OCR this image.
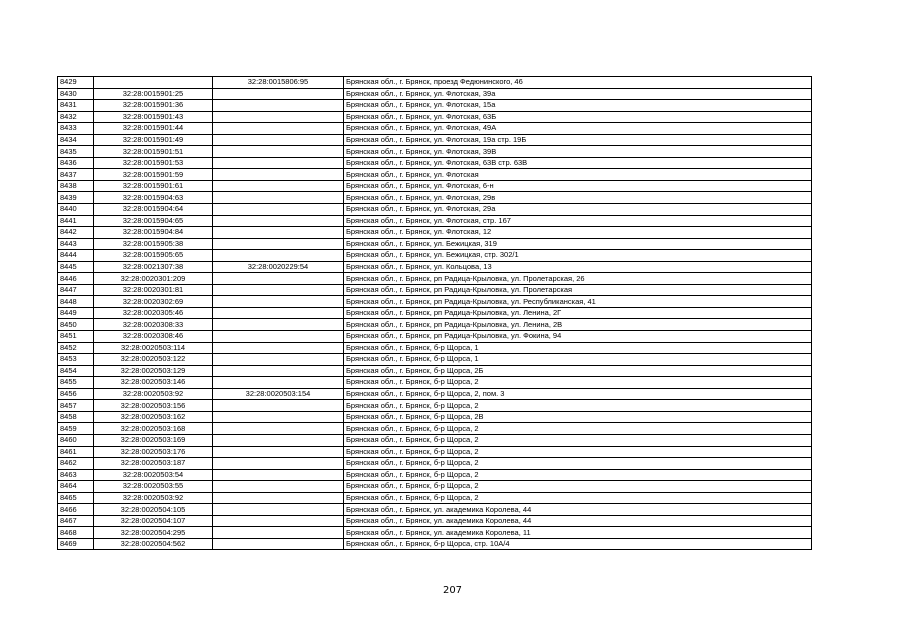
8429		32:28:0015806:95	Брянская обл., г. Брянск, проезд Федюнинского, 46
8430	32:28:0015901:25		Брянская обл., г. Брянск, ул. Флотская, 39а
8431	32:28:0015901:36		Брянская обл., г. Брянск, ул. Флотская, 15а
8432	32:28:0015901:43		Брянская обл., г. Брянск, ул. Флотская, 63Б
8433	32:28:0015901:44		Брянская обл., г. Брянск, ул. Флотская, 49А
8434	32:28:0015901:49		Брянская обл., г. Брянск, ул. Флотская, 19а стр. 19Б
8435	32:28:0015901:51		Брянская обл., г. Брянск, ул. Флотская, 39В
8436	32:28:0015901:53		Брянская обл., г. Брянск, ул. Флотская, 63В стр. 63В
8437	32:28:0015901:59		Брянская обл., г. Брянск, ул. Флотская
8438	32:28:0015901:61		Брянская обл., г. Брянск, ул. Флотская, 6-н
8439	32:28:0015904:63		Брянская обл., г. Брянск, ул. Флотская, 29в
8440	32:28:0015904:64		Брянская обл., г. Брянск, ул. Флотская, 29а
8441	32:28:0015904:65		Брянская обл., г. Брянск, ул. Флотская, стр. 167
8442	32:28:0015904:84		Брянская обл., г. Брянск, ул. Флотская, 12
8443	32:28:0015905:38		Брянская обл., г. Брянск, ул. Бежицкая, 319
8444	32:28:0015905:65		Брянская обл., г. Брянск, ул. Бежицкая, стр. 302/1
8445	32:28:0021307:38	32:28:0020229:54	Брянская обл., г. Брянск, ул. Кольцова, 13
8446	32:28:0020301:209		Брянская обл., г. Брянск, рп Радица-Крыловка, ул. Пролетарская, 26
8447	32:28:0020301:81		Брянская обл., г. Брянск, рп Радица-Крыловка, ул. Пролетарская
8448	32:28:0020302:69		Брянская обл., г. Брянск, рп Радица-Крыловка, ул. Республиканская, 41
8449	32:28:0020305:46		Брянская обл., г. Брянск, рп Радица-Крыловка, ул. Ленина, 2Г
8450	32:28:0020308:33		Брянская обл., г. Брянск, рп Радица-Крыловка, ул. Ленина, 2В
8451	32:28:0020308:46		Брянская обл., г. Брянск, рп Радица-Крыловка, ул. Фокина, 94
8452	32:28:0020503:114		Брянская обл., г. Брянск, б-р Щорса, 1
8453	32:28:0020503:122		Брянская обл., г. Брянск, б-р Щорса, 1
8454	32:28:0020503:129		Брянская обл., г. Брянск, б-р Щорса, 2Б
8455	32:28:0020503:146		Брянская обл., г. Брянск, б-р Щорса, 2
8456	32:28:0020503:92	32:28:0020503:154	Брянская обл., г. Брянск, б-р Щорса, 2, пом. 3
8457	32:28:0020503:156		Брянская обл., г. Брянск, б-р Щорса, 2
8458	32:28:0020503:162		Брянская обл., г. Брянск, б-р Щорса, 2В
8459	32:28:0020503:168		Брянская обл., г. Брянск, б-р Щорса, 2
8460	32:28:0020503:169		Брянская обл., г. Брянск, б-р Щорса, 2
8461	32:28:0020503:176		Брянская обл., г. Брянск, б-р Щорса, 2
8462	32:28:0020503:187		Брянская обл., г. Брянск, б-р Щорса, 2
8463	32:28:0020503:54		Брянская обл., г. Брянск, б-р Щорса, 2
8464	32:28:0020503:55		Брянская обл., г. Брянск, б-р Щорса, 2
8465	32:28:0020503:92		Брянская обл., г. Брянск, б-р Щорса, 2
8466	32:28:0020504:105		Брянская обл., г. Брянск, ул. академика Королева, 44
8467	32:28:0020504:107		Брянская обл., г. Брянск, ул. академика Королева, 44
8468	32:28:0020504:295		Брянская обл., г. Брянск, ул. академика Королева, 11
8469	32:28:0020504:562		Брянская обл., г. Брянск, б-р Щорса, стр. 10А/4
207
